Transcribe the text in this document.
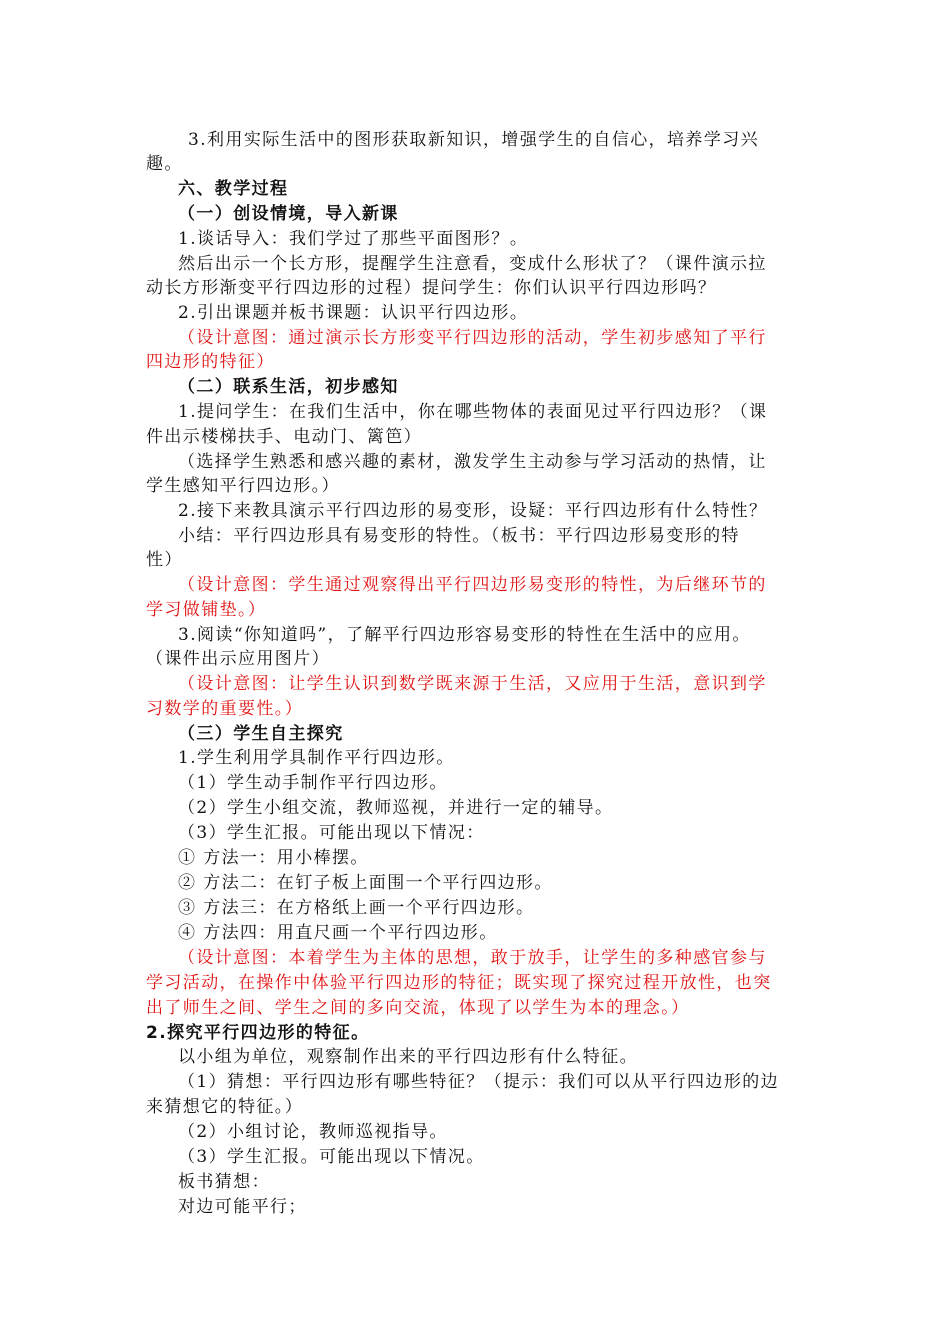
3.利用实际生活中的图形获取新知识，增强学生的自信心，培养学习兴
趣。
六、教学过程
（一）创设情境，导入新课
1.谈话导入：我们学过了那些平面图形？。
然后出示一个长方形，提醒学生注意看，变成什么形状了？（课件演示拉
动长方形渐变平行四边形的过程）提问学生：你们认识平行四边形吗？
2.引出课题并板书课题：认识平行四边形。
（设计意图：通过演示长方形变平行四边形的活动，学生初步感知了平行
四边形的特征）
（二）联系生活，初步感知
1.提问学生：在我们生活中，你在哪些物体的表面见过平行四边形？（课
件出示楼梯扶手、电动门、篱笆）
（选择学生熟悉和感兴趣的素材，激发学生主动参与学习活动的热情，让
学生感知平行四边形。）
2.接下来教具演示平行四边形的易变形，设疑：平行四边形有什么特性？
小结：平行四边形具有易变形的特性。（板书：平行四边形易变形的特
性）
（设计意图：学生通过观察得出平行四边形易变形的特性，为后继环节的
学习做铺垫。）
3.阅读“你知道吗”，了解平行四边形容易变形的特性在生活中的应用。
（课件出示应用图片）
（设计意图：让学生认识到数学既来源于生活，又应用于生活，意识到学
习数学的重要性。）
（三）学生自主探究
1.学生利用学具制作平行四边形。
（1）学生动手制作平行四边形。
（2）学生小组交流，教师巡视，并进行一定的辅导。
（3）学生汇报。可能出现以下情况：
① 方法一：用小棒摆。
② 方法二：在钉子板上面围一个平行四边形。
③ 方法三：在方格纸上画一个平行四边形。
④ 方法四：用直尺画一个平行四边形。
（设计意图：本着学生为主体的思想，敢于放手，让学生的多种感官参与
学习活动，在操作中体验平行四边形的特征；既实现了探究过程开放性，也突
出了师生之间、学生之间的多向交流，体现了以学生为本的理念。）
2.探究平行四边形的特征。
以小组为单位，观察制作出来的平行四边形有什么特征。
（1）猜想：平行四边形有哪些特征？（提示：我们可以从平行四边形的边
来猜想它的特征。）
（2）小组讨论，教师巡视指导。
（3）学生汇报。可能出现以下情况。
板书猜想：
对边可能平行；
